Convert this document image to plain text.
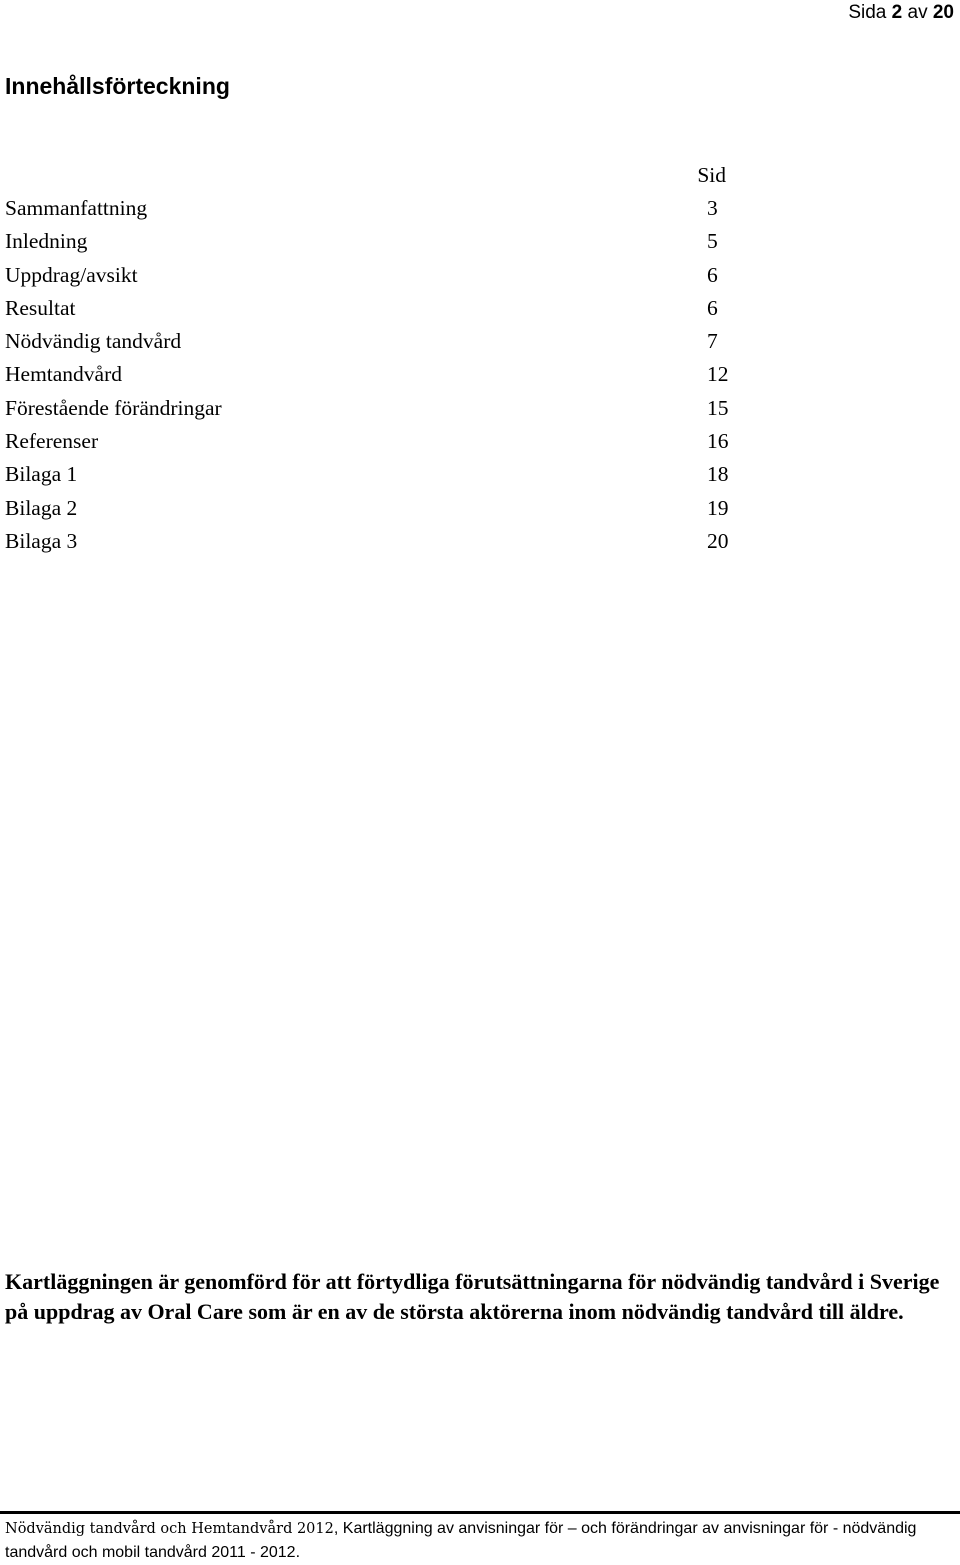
Sida 2 av 20
Innehållsförteckning
Sid
Sammanfattning	3
Inledning	5
Uppdrag/avsikt	6
Resultat	6
Nödvändig tandvård	7
Hemtandvård	12
Förestående förändringar	15
Referenser	16
Bilaga 1	18
Bilaga 2	19
Bilaga 3	20
Kartläggningen är genomförd för att förtydliga förutsättningarna för nödvändig tandvård i Sverige på uppdrag av Oral Care som är en av de största aktörerna inom nödvändig tandvård till äldre.
Nödvändig tandvård och Hemtandvård 2012, Kartläggning av anvisningar för – och förändringar av anvisningar för - nödvändig tandvård och mobil tandvård 2011 - 2012.
